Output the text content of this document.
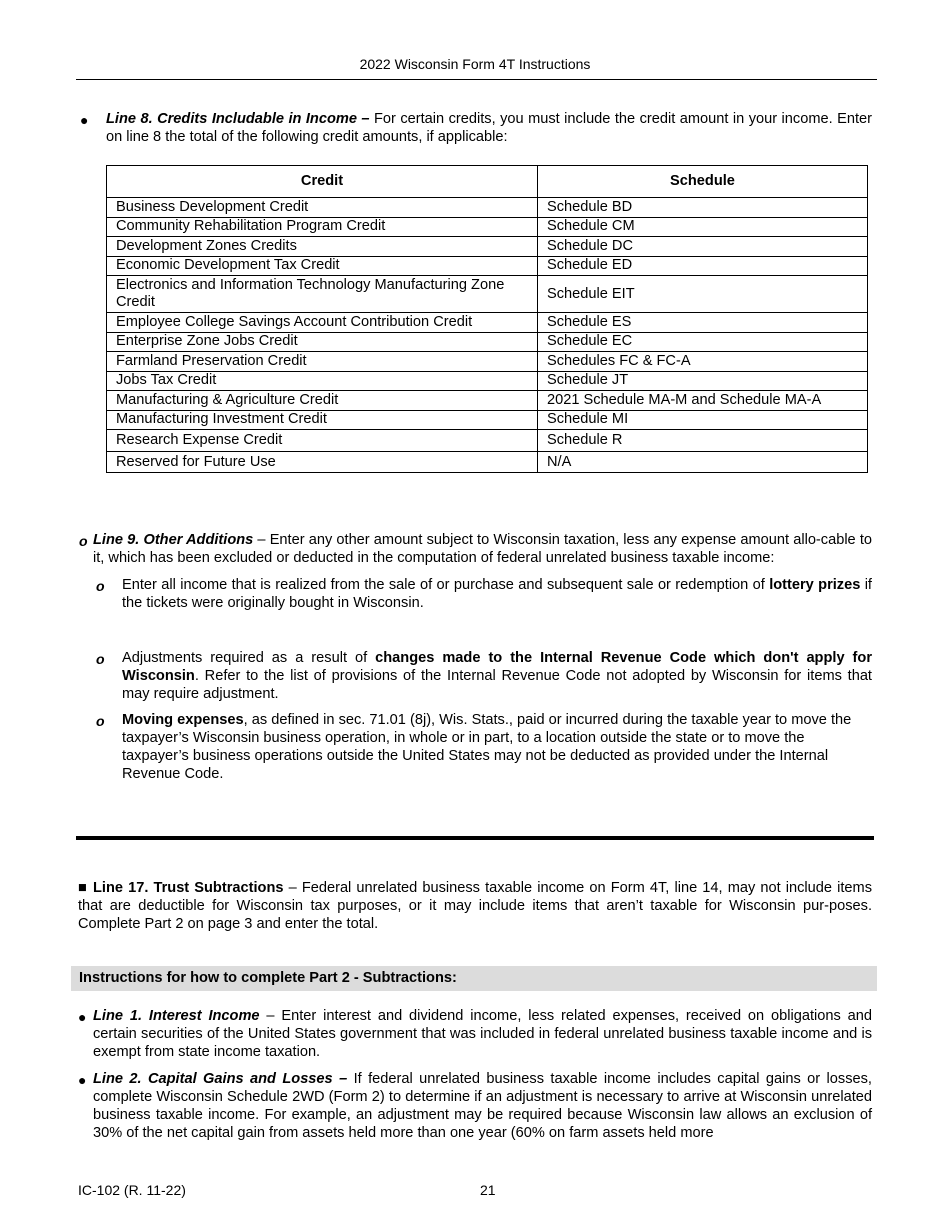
2022 Wisconsin Form 4T Instructions
● Line 8. Credits Includable in Income – For certain credits, you must include the credit amount in your income. Enter on line 8 the total of the following credit amounts, if applicable:
Credit	Schedule
Business Development Credit	Schedule BD
Community Rehabilitation Program Credit	Schedule CM
Development Zones Credits	Schedule DC
Economic Development Tax Credit	Schedule ED
Electronics and Information Technology Manufacturing Zone Credit	Schedule EIT
Employee College Savings Account Contribution Credit	Schedule ES
Enterprise Zone Jobs Credit	Schedule EC
Farmland Preservation Credit	Schedules FC & FC-A
Jobs Tax Credit	Schedule JT
Manufacturing & Agriculture Credit	2021 Schedule MA-M and Schedule MA-A
Manufacturing Investment Credit	Schedule MI
Research Expense Credit	Schedule R
Reserved for Future Use	N/A
o Line 9. Other Additions – Enter any other amount subject to Wisconsin taxation, less any expense amount allo-cable to it, which has been excluded or deducted in the computation of federal unrelated business taxable income:
o Enter all income that is realized from the sale of or purchase and subsequent sale or redemption of lottery prizes if the tickets were originally bought in Wisconsin.
o Adjustments required as a result of changes made to the Internal Revenue Code which don't apply for Wisconsin. Refer to the list of provisions of the Internal Revenue Code not adopted by Wisconsin for items that may require adjustment.
o Moving expenses, as defined in sec. 71.01 (8j), Wis. Stats., paid or incurred during the taxable year to move the taxpayer’s Wisconsin business operation, in whole or in part, to a location outside the state or to move the taxpayer’s business operations outside the United States may not be deducted as provided under the Internal Revenue Code.
■ Line 17. Trust Subtractions – Federal unrelated business taxable income on Form 4T, line 14, may not include items that are deductible for Wisconsin tax purposes, or it may include items that aren’t taxable for Wisconsin pur-poses. Complete Part 2 on page 3 and enter the total.
Instructions for how to complete Part 2 - Subtractions:
● Line 1. Interest Income – Enter interest and dividend income, less related expenses, received on obligations and certain securities of the United States government that was included in federal unrelated business taxable income and is exempt from state income taxation.
● Line 2. Capital Gains and Losses – If federal unrelated business taxable income includes capital gains or losses, complete Wisconsin Schedule 2WD (Form 2) to determine if an adjustment is necessary to arrive at Wisconsin unrelated business taxable income. For example, an adjustment may be required because Wisconsin law allows an exclusion of 30% of the net capital gain from assets held more than one year (60% on farm assets held more
IC-102 (R. 11-22)	21
